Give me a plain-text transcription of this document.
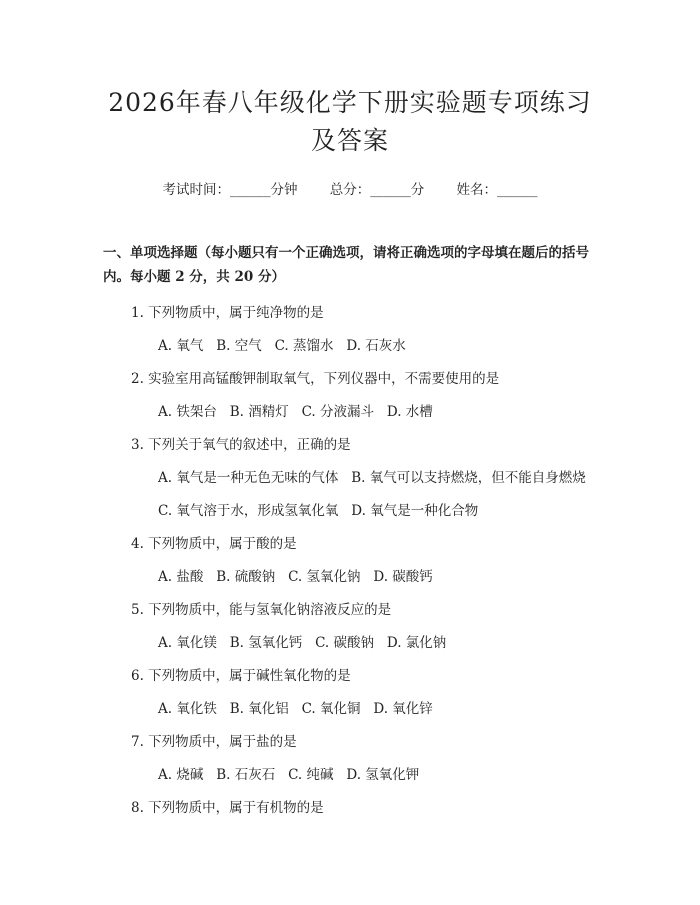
2026年春八年级化学下册实验题专项练习及答案
考试时间：______分钟 总分：______分 姓名：______
一、单项选择题（每小题只有一个正确选项，请将正确选项的字母填在题后的括号内。每小题 2 分，共 20 分）
1. 下列物质中，属于纯净物的是
A. 氧气   B. 空气   C. 蒸馏水   D. 石灰水
2. 实验室用高锰酸钾制取氧气，下列仪器中，不需要使用的是
A. 铁架台   B. 酒精灯   C. 分液漏斗   D. 水槽
3. 下列关于氧气的叙述中，正确的是
A. 氧气是一种无色无味的气体   B. 氧气可以支持燃烧，但不能自身燃烧
C. 氧气溶于水，形成氢氧化氧   D. 氧气是一种化合物
4. 下列物质中，属于酸的是
A. 盐酸   B. 硫酸钠   C. 氢氧化钠   D. 碳酸钙
5. 下列物质中，能与氢氧化钠溶液反应的是
A. 氧化镁   B. 氢氧化钙   C. 碳酸钠   D. 氯化钠
6. 下列物质中，属于碱性氧化物的是
A. 氧化铁   B. 氧化铝   C. 氧化铜   D. 氧化锌
7. 下列物质中，属于盐的是
A. 烧碱   B. 石灰石   C. 纯碱   D. 氢氧化钾
8. 下列物质中，属于有机物的是
